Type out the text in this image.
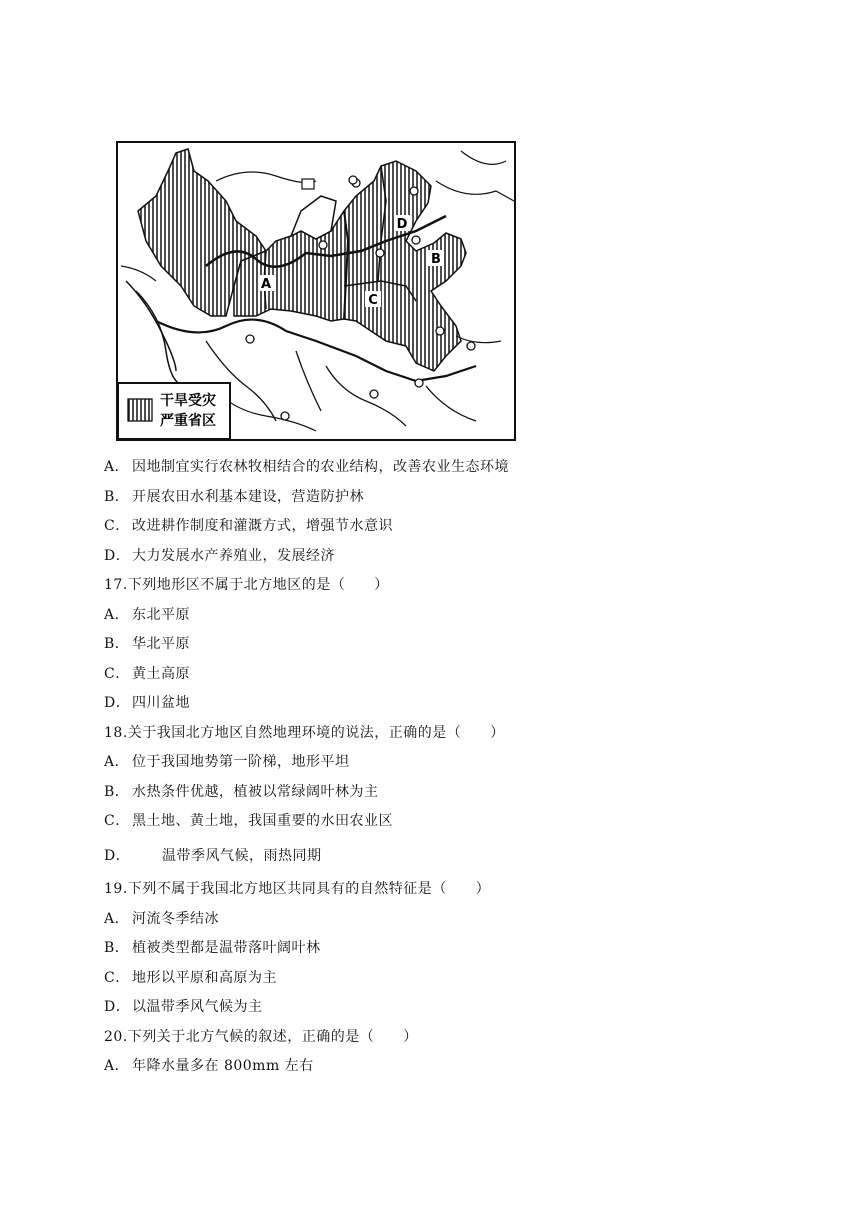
A
B
C
D
干旱受灾
严重省区
A． 因地制宜实行农林牧相结合的农业结构，改善农业生态环境
B． 开展农田水利基本建设，营造防护林
C． 改进耕作制度和灌溉方式，增强节水意识
D． 大力发展水产养殖业，发展经济
17.下列地形区不属于北方地区的是（　　）
A． 东北平原
B． 华北平原
C． 黄土高原
D． 四川盆地
18.关于我国北方地区自然地理环境的说法，正确的是（　　）
A． 位于我国地势第一阶梯，地形平坦
B． 水热条件优越，植被以常绿阔叶林为主
C． 黑土地、黄土地，我国重要的水田农业区
D． 温带季风气候，雨热同期
19.下列不属于我国北方地区共同具有的自然特征是（　　）
A． 河流冬季结冰
B． 植被类型都是温带落叶阔叶林
C． 地形以平原和高原为主
D． 以温带季风气候为主
20.下列关于北方气候的叙述，正确的是（　　）
A． 年降水量多在 800mm 左右
